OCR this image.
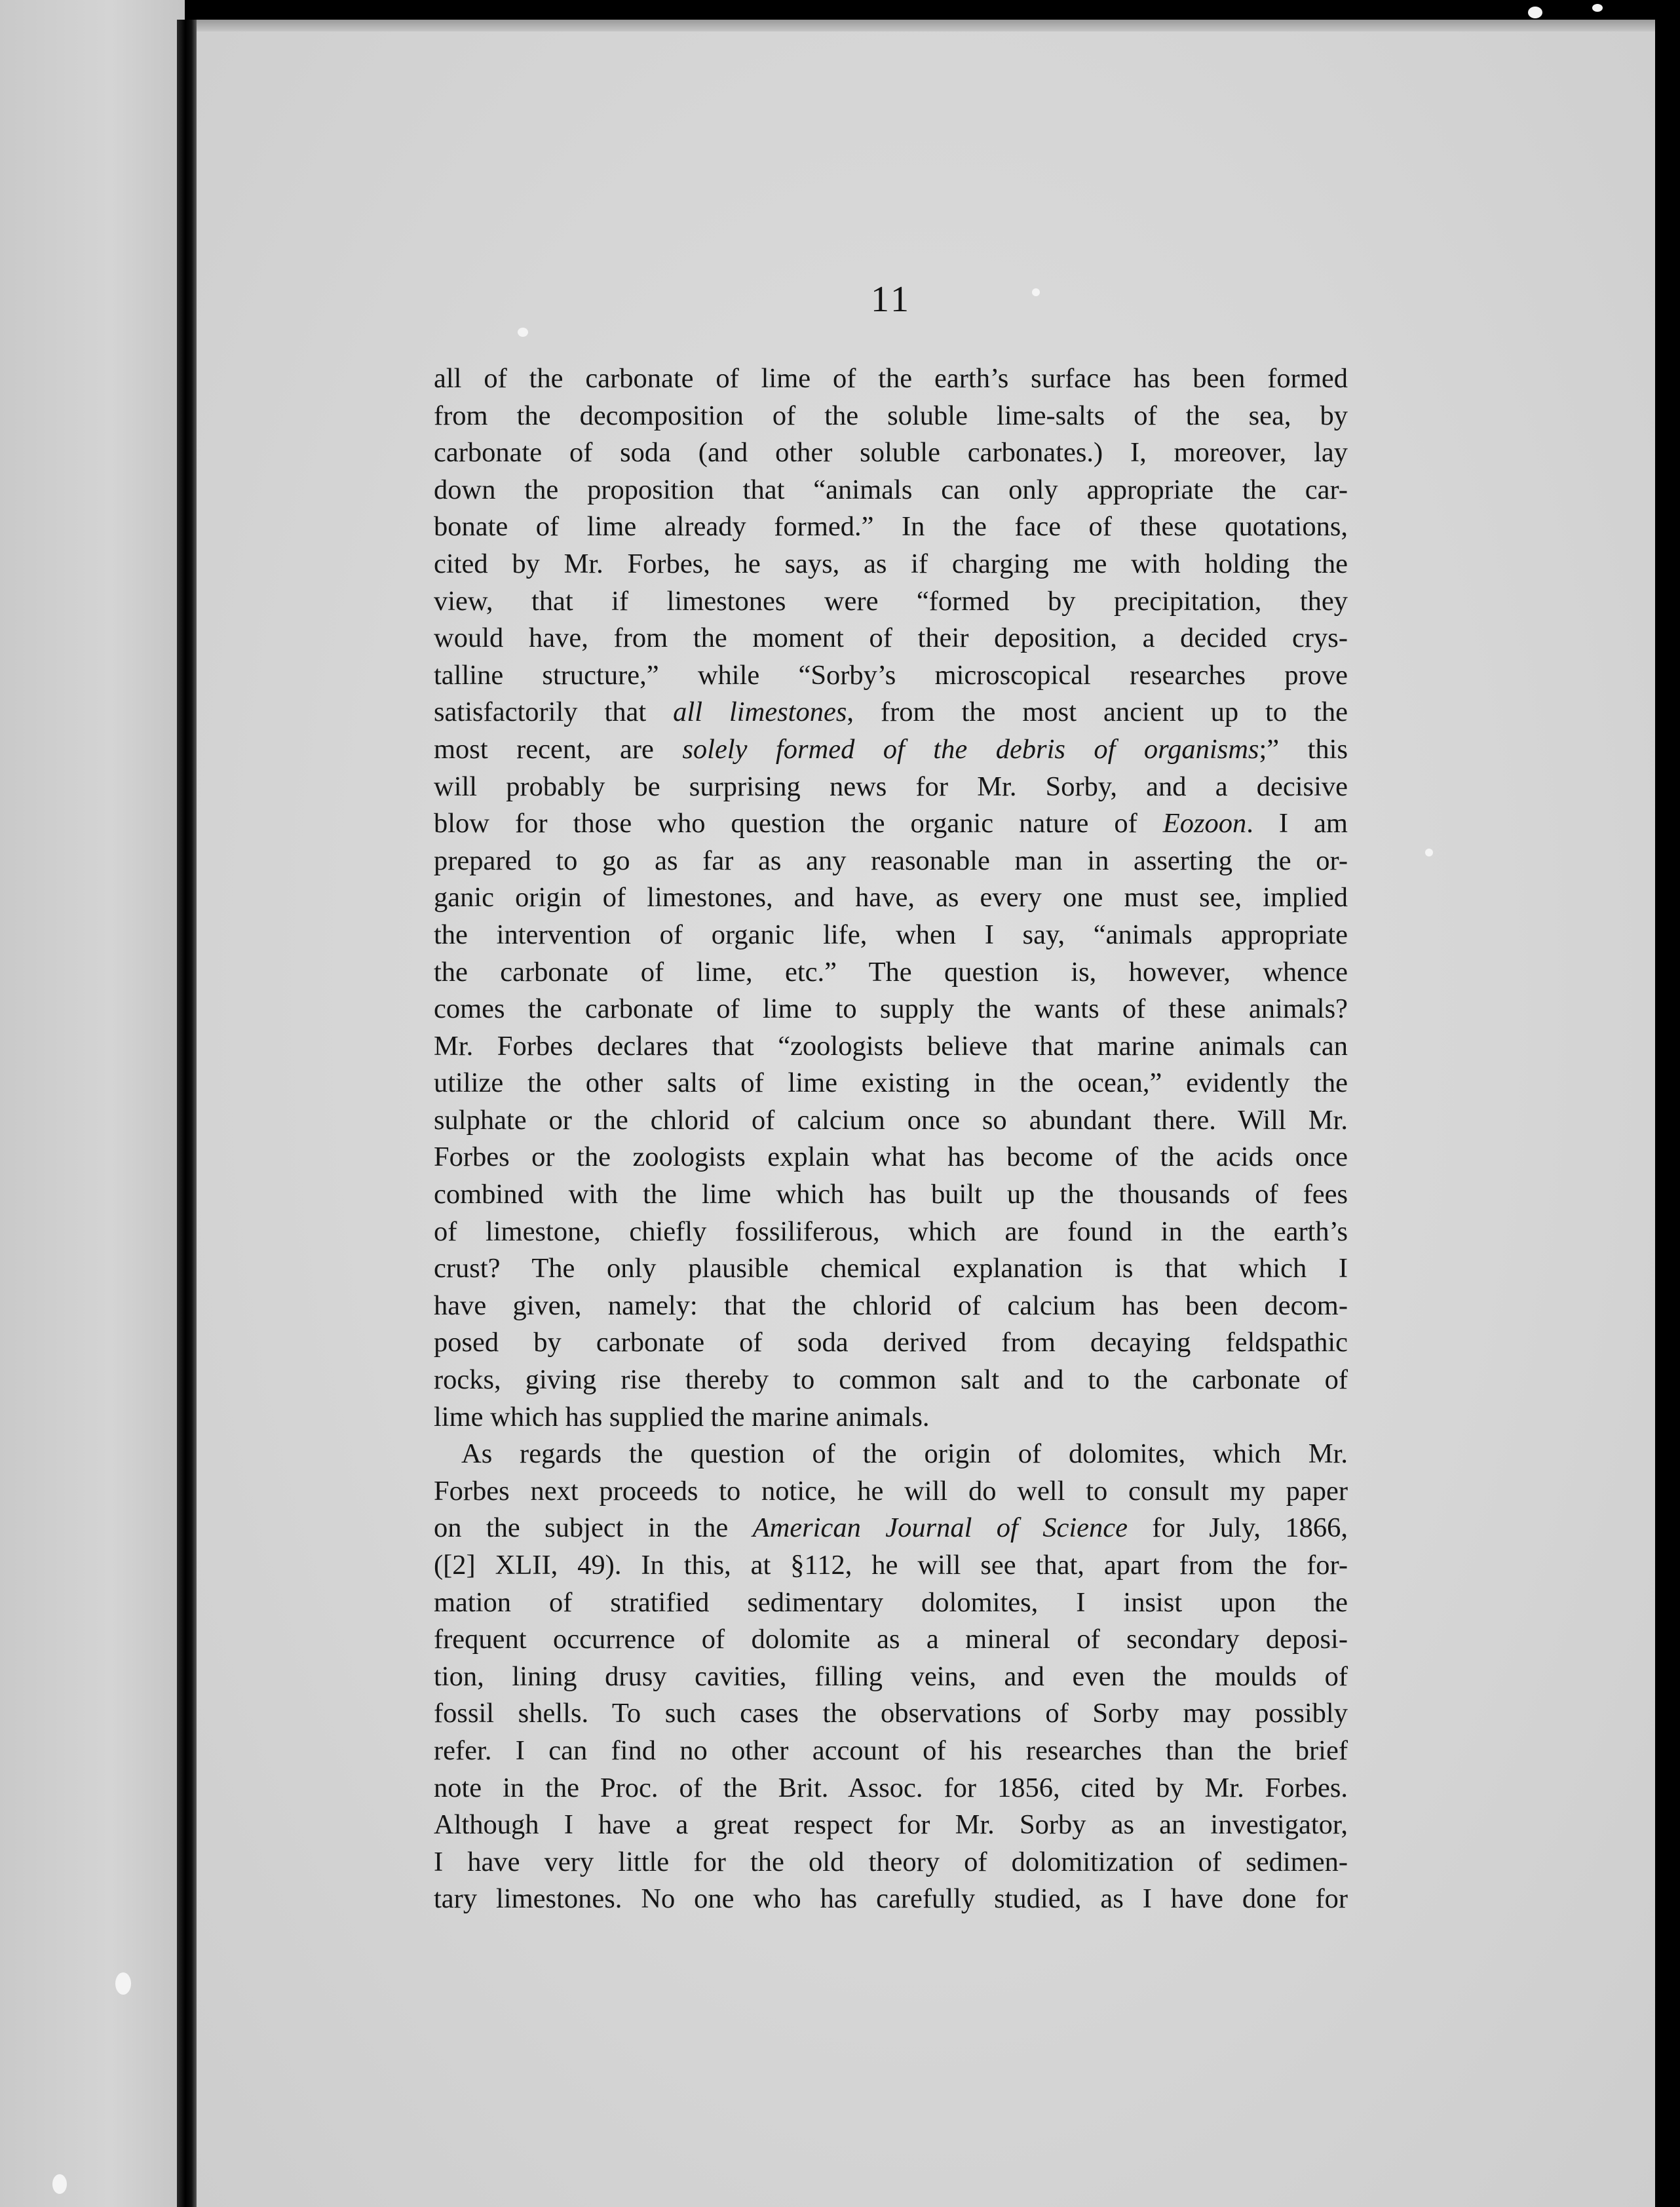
11
all of the carbonate of lime of the earth’s surface has been formed
from the decomposition of the soluble lime-salts of the sea, by
carbonate of soda (and other soluble carbonates.) I, moreover, lay
down the proposition that “animals can only appropriate the car-
bonate of lime already formed.” In the face of these quotations,
cited by Mr. Forbes, he says, as if charging me with holding the
view, that if limestones were “formed by precipitation, they
would have, from the moment of their deposition, a decided crys-
talline structure,” while “Sorby’s microscopical researches prove
satisfactorily that all limestones, from the most ancient up to the
most recent, are solely formed of the debris of organisms;” this
will probably be surprising news for Mr. Sorby, and a decisive
blow for those who question the organic nature of Eozoon. I am
prepared to go as far as any reasonable man in asserting the or-
ganic origin of limestones, and have, as every one must see, implied
the intervention of organic life, when I say, “animals appropriate
the carbonate of lime, etc.” The question is, however, whence
comes the carbonate of lime to supply the wants of these animals?
Mr. Forbes declares that “zoologists believe that marine animals can
utilize the other salts of lime existing in the ocean,” evidently the
sulphate or the chlorid of calcium once so abundant there. Will Mr.
Forbes or the zoologists explain what has become of the acids once
combined with the lime which has built up the thousands of fees
of limestone, chiefly fossiliferous, which are found in the earth’s
crust? The only plausible chemical explanation is that which I
have given, namely: that the chlorid of calcium has been decom-
posed by carbonate of soda derived from decaying feldspathic
rocks, giving rise thereby to common salt and to the carbonate of
lime which has supplied the marine animals.
As regards the question of the origin of dolomites, which Mr.
Forbes next proceeds to notice, he will do well to consult my paper
on the subject in the American Journal of Science for July, 1866,
([2] XLII, 49). In this, at §112, he will see that, apart from the for-
mation of stratified sedimentary dolomites, I insist upon the
frequent occurrence of dolomite as a mineral of secondary deposi-
tion, lining drusy cavities, filling veins, and even the moulds of
fossil shells. To such cases the observations of Sorby may possibly
refer. I can find no other account of his researches than the brief
note in the Proc. of the Brit. Assoc. for 1856, cited by Mr. Forbes.
Although I have a great respect for Mr. Sorby as an investigator,
I have very little for the old theory of dolomitization of sedimen-
tary limestones. No one who has carefully studied, as I have done for
